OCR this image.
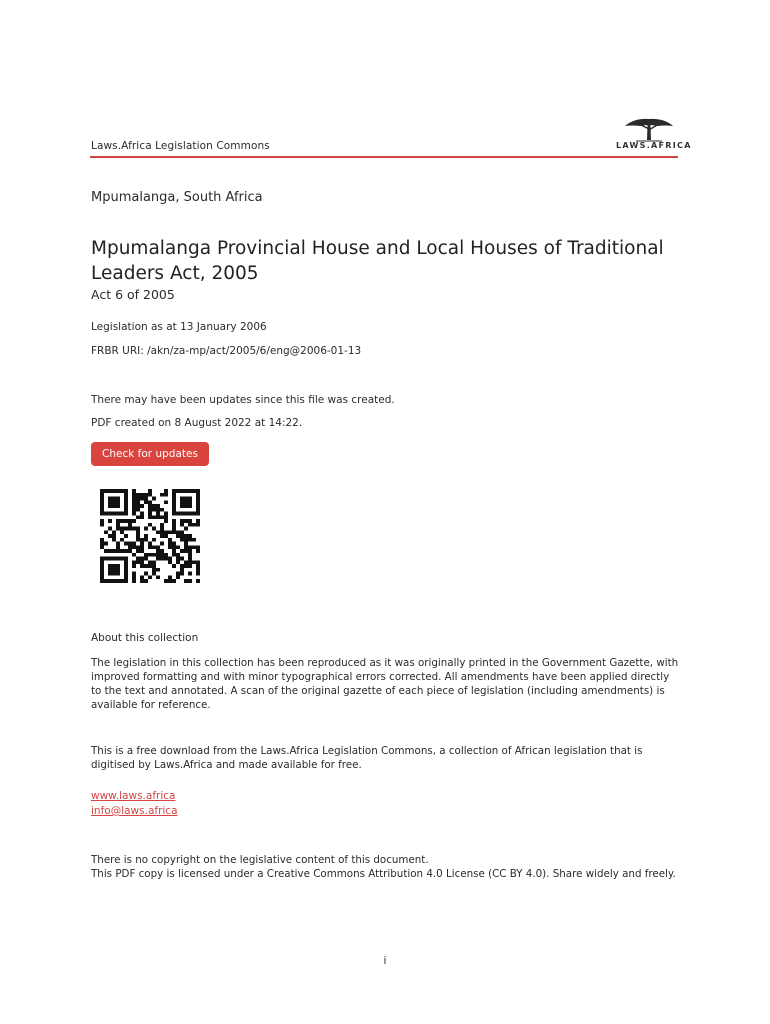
Laws.Africa Legislation Commons	LAWS.AFRICA
Mpumalanga, South Africa
Mpumalanga Provincial House and Local Houses of Traditional Leaders Act, 2005
Act 6 of 2005
Legislation as at 13 January 2006
FRBR URI: /akn/za-mp/act/2005/6/eng@2006-01-13
There may have been updates since this file was created.
PDF created on 8 August 2022 at 14:22.
Check for updates
About this collection
The legislation in this collection has been reproduced as it was originally printed in the Government Gazette, with improved formatting and with minor typographical errors corrected. All amendments have been applied directly to the text and annotated. A scan of the original gazette of each piece of legislation (including amendments) is available for reference.
This is a free download from the Laws.Africa Legislation Commons, a collection of African legislation that is digitised by Laws.Africa and made available for free.
www.laws.africa
info@laws.africa
There is no copyright on the legislative content of this document.
This PDF copy is licensed under a Creative Commons Attribution 4.0 License (CC BY 4.0). Share widely and freely.
i
